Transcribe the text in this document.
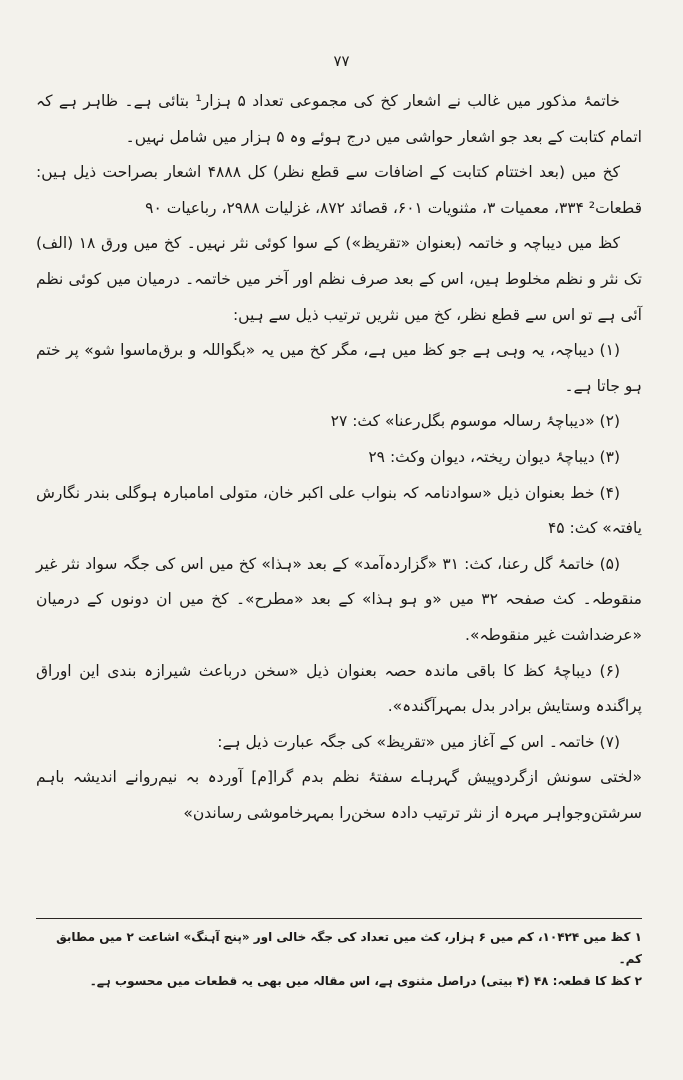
۷۷

خاتمۂ مذکور میں غالب نے اشعار کخ کی مجموعی تعداد ۵ ہزار¹ بتائی ہے۔ ظاہر ہے کہ اتمام کتابت کے بعد جو اشعار حواشی میں درج ہوئے وہ ۵ ہزار میں شامل نہیں۔

کخ میں (بعد اختتام کتابت کے اضافات سے قطع نظر) کل ۴۸۸۸ اشعار بصراحت ذیل ہیں: قطعات² ۳۳۴، معمیات ۳، مثنویات ۶۰۱، قصائد ۸۷۲، غزلیات ۲۹۸۸، رباعیات ۹۰

کظ میں دیباچہ و خاتمہ (بعنوان «تقریظ») کے سوا کوئی نثر نہیں۔ کخ میں ورق ۱۸ (الف) تک نثر و نظم مخلوط ہیں، اس کے بعد صرف نظم اور آخر میں خاتمہ۔ درمیان میں کوئی نظم آئی ہے تو اس سے قطع نظر، کخ میں نثریں ترتیب ذیل سے ہیں:

(۱) دیباچہ، یہ وہی ہے جو کظ میں ہے، مگر کخ میں یہ «بگواللہ و برق‌ماسوا شو» پر ختم ہو جاتا ہے۔

(۲) «دیباچۂ رسالہ موسوم بگل‌رعنا» کث: ۲۷

(۳) دیباچۂ دیوان ریختہ، دیوان وکث: ۲۹

(۴) خط بعنوان ذیل «سوادنامہ کہ بنواب علی اکبر خان، متولی امامبارہ ہوگلی بندر نگارش یافتہ» کث: ۴۵

(۵) خاتمۂ گل رعنا، کث: ۳۱ «گزاردہ‌آمد» کے بعد «ہذا» کخ میں اس کی جگہ سواد نثر غیر منقوطہ۔ کث صفحہ ۳۲ میں «و ہو ہذا» کے بعد «مطرح»۔ کخ میں ان دونوں کے درمیان «عرضداشت غیر منقوطہ».

(۶) دیباچۂ کظ کا باقی ماندہ حصہ بعنوان ذیل «سخن درباعث شیرازہ بندی این اوراق پراگندہ وستایش برادر بدل بمہرآگندہ».

(۷) خاتمہ۔ اس کے آغاز میں «تقریظ» کی جگہ عبارت ذیل ہے:

«لختی سونش ازگردوپیش گہرہاے سفتۂ نظم بدم گرا[م] آوردہ بہ نیم‌روانے اندیشہ باہم سرشتن‌وجواہر مہرہ از نثر ترتیب دادہ سخن‌را بمہرخاموشی رساندن»

۱ کظ میں ۱۰۴۲۴، کم میں ۶ ہزار، کث میں تعداد کی جگہ خالی اور «پنج آہنگ» اشاعت ۲ میں مطابق کم۔

۲ کظ کا قطعہ: ۴۸ (۴ بیتی) دراصل مثنوی ہے، اس مقالہ میں بھی یہ قطعات میں محسوب ہے۔
